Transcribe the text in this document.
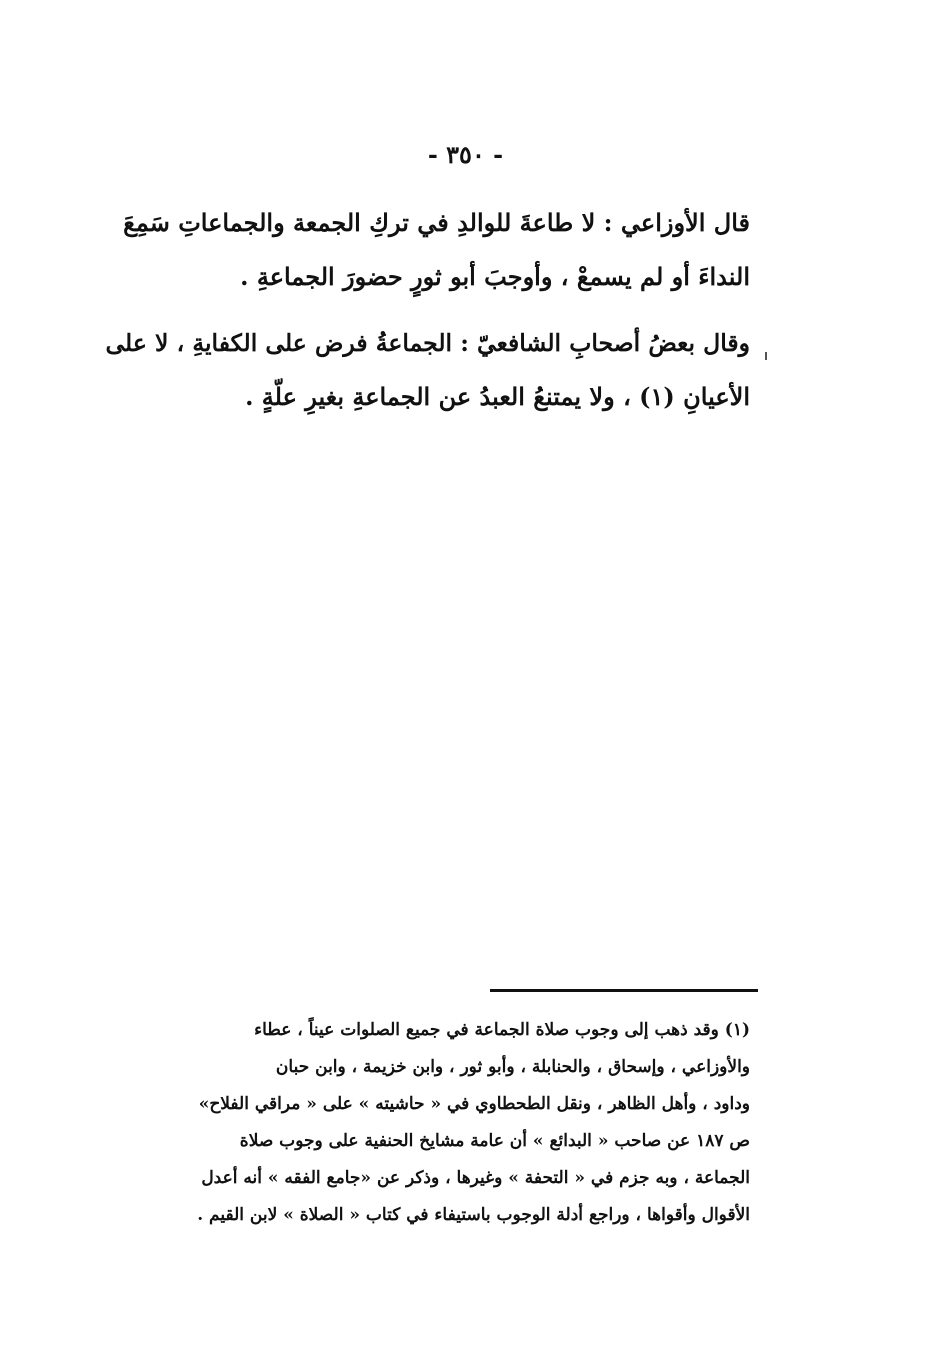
- ٣٥٠ -
قال الأوزاعي : لا طاعةَ للوالدِ في تركِ الجمعة والجماعاتِ سَمِعَ
النداءَ أو لم يسمعْ ، وأوجبَ أبو ثورٍ حضورَ الجماعةِ .
وقال بعضُ أصحابِ الشافعيّ : الجماعةُ فرض على الكفايةِ ، لا على
الأعيانِ (١) ، ولا يمتنعُ العبدُ عن الجماعةِ بغيرِ علّةٍ .
(١) وقد ذهب إلى وجوب صلاة الجماعة في جميع الصلوات عيناً ، عطاء
والأوزاعي ، وإسحاق ، والحنابلة ، وأبو ثور ، وابن خزيمة ، وابن حبان
وداود ، وأهل الظاهر ، ونقل الطحطاوي في « حاشيته » على « مراقي الفلاح»
ص ١٨٧ عن صاحب « البدائع » أن عامة مشايخ الحنفية على وجوب صلاة
الجماعة ، وبه جزم في « التحفة » وغيرها ، وذكر عن «جامع الفقه » أنه أعدل
الأقوال وأقواها ، وراجع أدلة الوجوب باستيفاء في كتاب « الصلاة » لابن القيم .
